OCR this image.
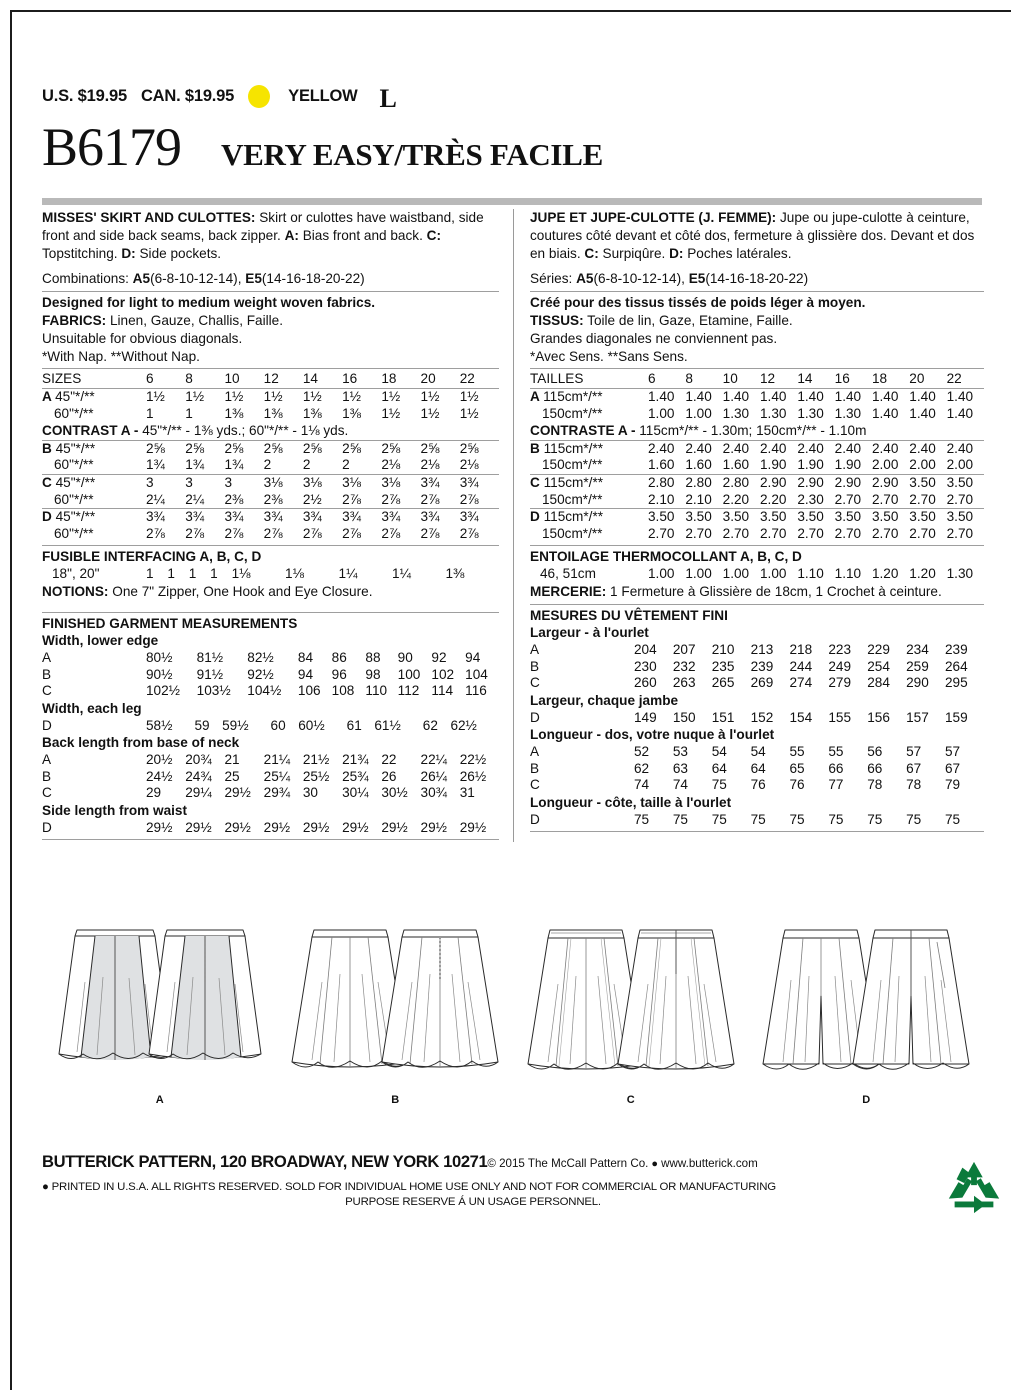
U.S. $19.95 CAN. $19.95	YELLOW L
B6179 VERY EASY/TRÈS FACILE

MISSES' SKIRT AND CULOTTES: Skirt or culottes have waistband, side front and side back seams, back zipper. A: Bias front and back. C: Topstitching. D: Side pockets.

Combinations: A5(6-8-10-12-14), E5(14-16-18-20-22)

Designed for light to medium weight woven fabrics.

FABRICS: Linen, Gauze, Challis, Faille.

Unsuitable for obvious diagonals.

*With Nap. **Without Nap.

SIZES	6	8	10	12	14	16	18	20	22
A 45"*/**	1½	1½	1½	1½	1½	1½	1½	1½	1½
60"*/**	1	1	1⅜	1⅜	1⅜	1⅜	1½	1½	1½

CONTRAST A - 45"*/** - 1⅜ yds.; 60"*/** - 1⅛ yds.

B 45"*/**	2⅝	2⅝	2⅝	2⅝	2⅝	2⅝	2⅝	2⅝	2⅝
60"*/**	1¾	1¾	1¾	2	2	2	2⅛	2⅛	2⅛
C 45"*/**	3	3	3	3⅛	3⅛	3⅛	3⅛	3¾	3¾
60"*/**	2¼	2¼	2⅜	2⅜	2½	2⅞	2⅞	2⅞	2⅞
D 45"*/**	3¾	3¾	3¾	3¾	3¾	3¾	3¾	3¾	3¾
60"*/**	2⅞	2⅞	2⅞	2⅞	2⅞	2⅞	2⅞	2⅞	2⅞

FUSIBLE INTERFACING A, B, C, D

18", 20"	1	1	1	1	1⅛	1⅛	1¼	1¼	1⅜

NOTIONS: One 7" Zipper, One Hook and Eye Closure.

FINISHED GARMENT MEASUREMENTS

Width, lower edge

A	80½	81½	82½	84	86	88	90	92	94
B	90½	91½	92½	94	96	98	100	102	104
C	102½	103½	104½	106	108	110	112	114	116

Width, each leg

D	58½	59	59½	60	60½	61	61½	62	62½

Back length from base of neck

A	20½	20¾	21	21¼	21½	21¾	22	22¼	22½
B	24½	24¾	25	25¼	25½	25¾	26	26¼	26½
C	29	29¼	29½	29¾	30	30¼	30½	30¾	31

Side length from waist

D	29½	29½	29½	29½	29½	29½	29½	29½	29½

JUPE ET JUPE-CULOTTE (J. FEMME): Jupe ou jupe-culotte à ceinture, coutures côté devant et côté dos, fermeture à glissière dos. Devant et dos en biais. C: Surpiqûre. D: Poches latérales.

Séries: A5(6-8-10-12-14), E5(14-16-18-20-22)

Créé pour des tissus tissés de poids léger à moyen.

TISSUS: Toile de lin, Gaze, Etamine, Faille.

Grandes diagonales ne conviennent pas.

*Avec Sens. **Sans Sens.

TAILLES	6	8	10	12	14	16	18	20	22
A 115cm*/**	1.40	1.40	1.40	1.40	1.40	1.40	1.40	1.40	1.40
150cm*/**	1.00	1.00	1.30	1.30	1.30	1.30	1.40	1.40	1.40

CONTRASTE A - 115cm*/** - 1.30m; 150cm*/** - 1.10m

B 115cm*/**	2.40	2.40	2.40	2.40	2.40	2.40	2.40	2.40	2.40
150cm*/**	1.60	1.60	1.60	1.90	1.90	1.90	2.00	2.00	2.00
C 115cm*/**	2.80	2.80	2.80	2.90	2.90	2.90	2.90	3.50	3.50
150cm*/**	2.10	2.10	2.20	2.20	2.30	2.70	2.70	2.70	2.70
D 115cm*/**	3.50	3.50	3.50	3.50	3.50	3.50	3.50	3.50	3.50
150cm*/**	2.70	2.70	2.70	2.70	2.70	2.70	2.70	2.70	2.70

ENTOILAGE THERMOCOLLANT A, B, C, D

46, 51cm	1.00	1.00	1.00	1.00	1.10	1.10	1.20	1.20	1.30

MERCERIE: 1 Fermeture à Glissière de 18cm, 1 Crochet à ceinture.

MESURES DU VÊTEMENT FINI

Largeur - à l'ourlet

A	204	207	210	213	218	223	229	234	239
B	230	232	235	239	244	249	254	259	264
C	260	263	265	269	274	279	284	290	295

Largeur, chaque jambe

D	149	150	151	152	154	155	156	157	159

Longueur - dos, votre nuque à l'ourlet

A	52	53	54	54	55	55	56	57	57
B	62	63	64	64	65	66	66	67	67
C	74	74	75	76	76	77	78	78	79

Longueur - côte, taille à l'ourlet

D	75	75	75	75	75	75	75	75	75
A	B	C	D
BUTTERICK PATTERN, 120 BROADWAY, NEW YORK 10271© 2015 The McCall Pattern Co. ● www.butterick.com
● PRINTED IN U.S.A. ALL RIGHTS RESERVED. SOLD FOR INDIVIDUAL HOME USE ONLY AND NOT FOR COMMERCIAL OR MANUFACTURING
PURPOSE RESERVE Á UN USAGE PERSONNEL.
